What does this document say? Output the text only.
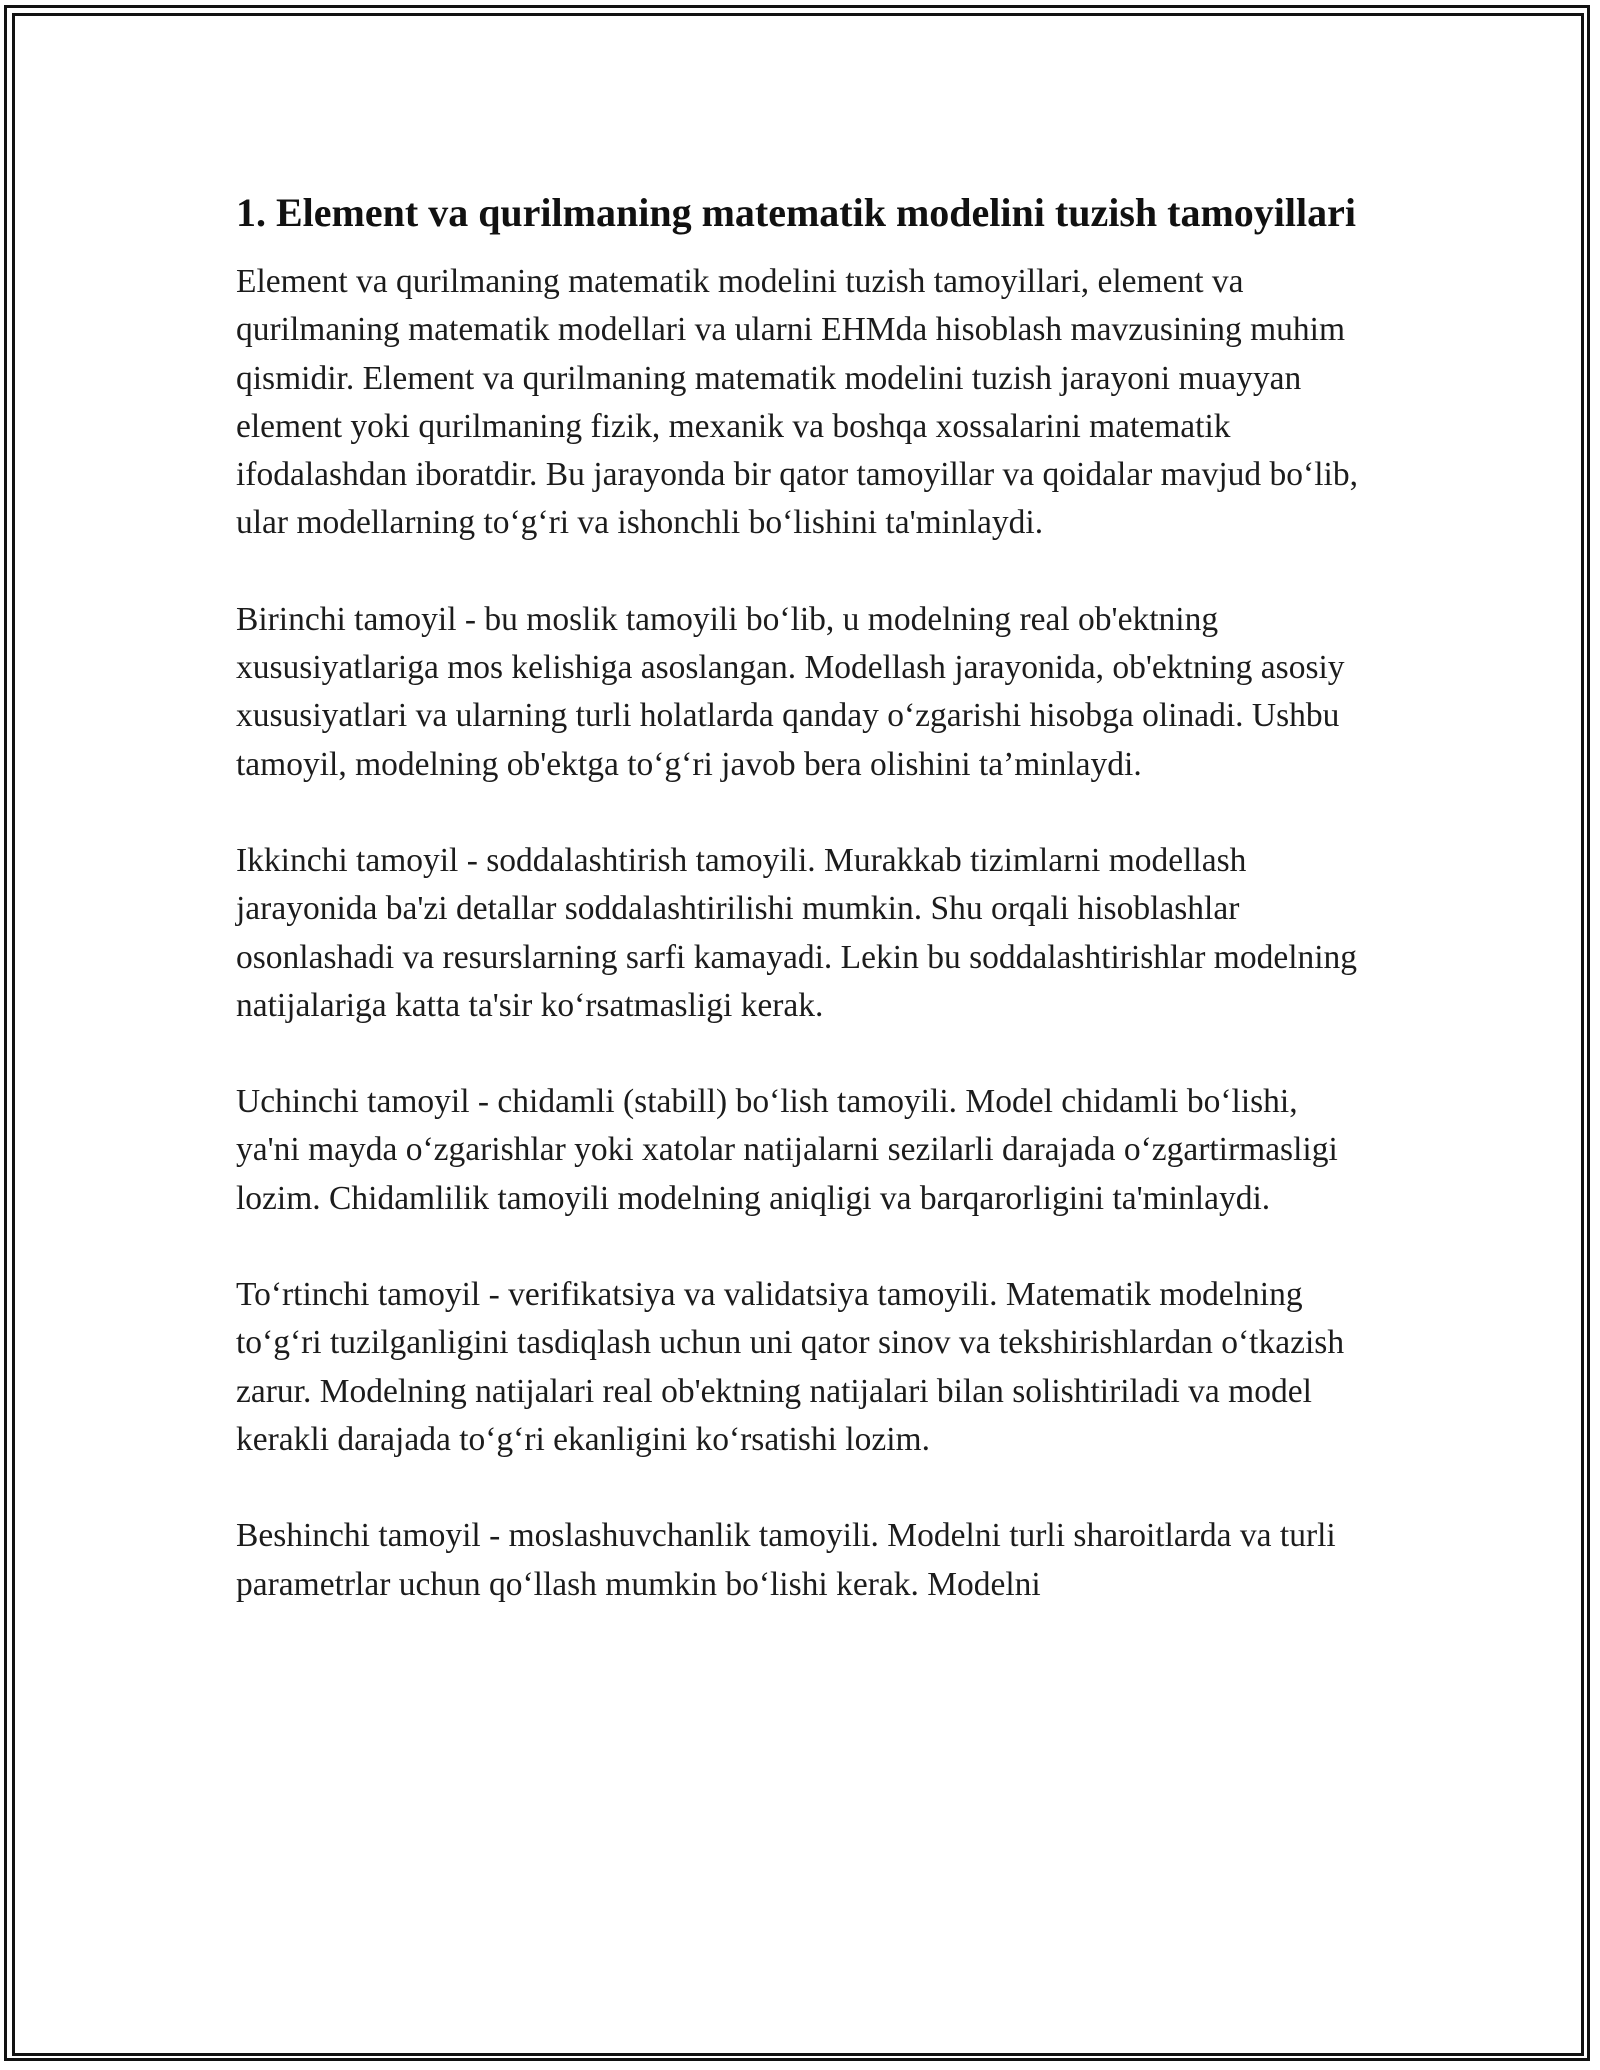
1. Element va qurilmaning matematik modelini tuzish tamoyillari

Element va qurilmaning matematik modelini tuzish tamoyillari, element va qurilmaning matematik modellari va ularni EHMda hisoblash mavzusining muhim qismidir. Element va qurilmaning matematik modelini tuzish jarayoni muayyan element yoki qurilmaning fizik, mexanik va boshqa xossalarini matematik ifodalashdan iboratdir. Bu jarayonda bir qator tamoyillar va qoidalar mavjud bo‘lib, ular modellarning to‘g‘ri va ishonchli bo‘lishini ta'minlaydi.

Birinchi tamoyil - bu moslik tamoyili bo‘lib, u modelning real ob'ektning xususiyatlariga mos kelishiga asoslangan. Modellash jarayonida, ob'ektning asosiy xususiyatlari va ularning turli holatlarda qanday o‘zgarishi hisobga olinadi. Ushbu tamoyil, modelning ob'ektga to‘g‘ri javob bera olishini ta’minlaydi.

Ikkinchi tamoyil - soddalashtirish tamoyili. Murakkab tizimlarni modellash jarayonida ba'zi detallar soddalashtirilishi mumkin. Shu orqali hisoblashlar osonlashadi va resurslarning sarfi kamayadi. Lekin bu soddalashtirishlar modelning natijalariga katta ta'sir ko‘rsatmasligi kerak.

Uchinchi tamoyil - chidamli (stabill) bo‘lish tamoyili. Model chidamli bo‘lishi, ya'ni mayda o‘zgarishlar yoki xatolar natijalarni sezilarli darajada o‘zgartirmasligi lozim. Chidamlilik tamoyili modelning aniqligi va barqarorligini ta'minlaydi.

To‘rtinchi tamoyil - verifikatsiya va validatsiya tamoyili. Matematik modelning to‘g‘ri tuzilganligini tasdiqlash uchun uni qator sinov va tekshirishlardan o‘tkazish zarur. Modelning natijalari real ob'ektning natijalari bilan solishtiriladi va model kerakli darajada to‘g‘ri ekanligini ko‘rsatishi lozim.

Beshinchi tamoyil - moslashuvchanlik tamoyili. Modelni turli sharoitlarda va turli parametrlar uchun qo‘llash mumkin bo‘lishi kerak. Modelni
